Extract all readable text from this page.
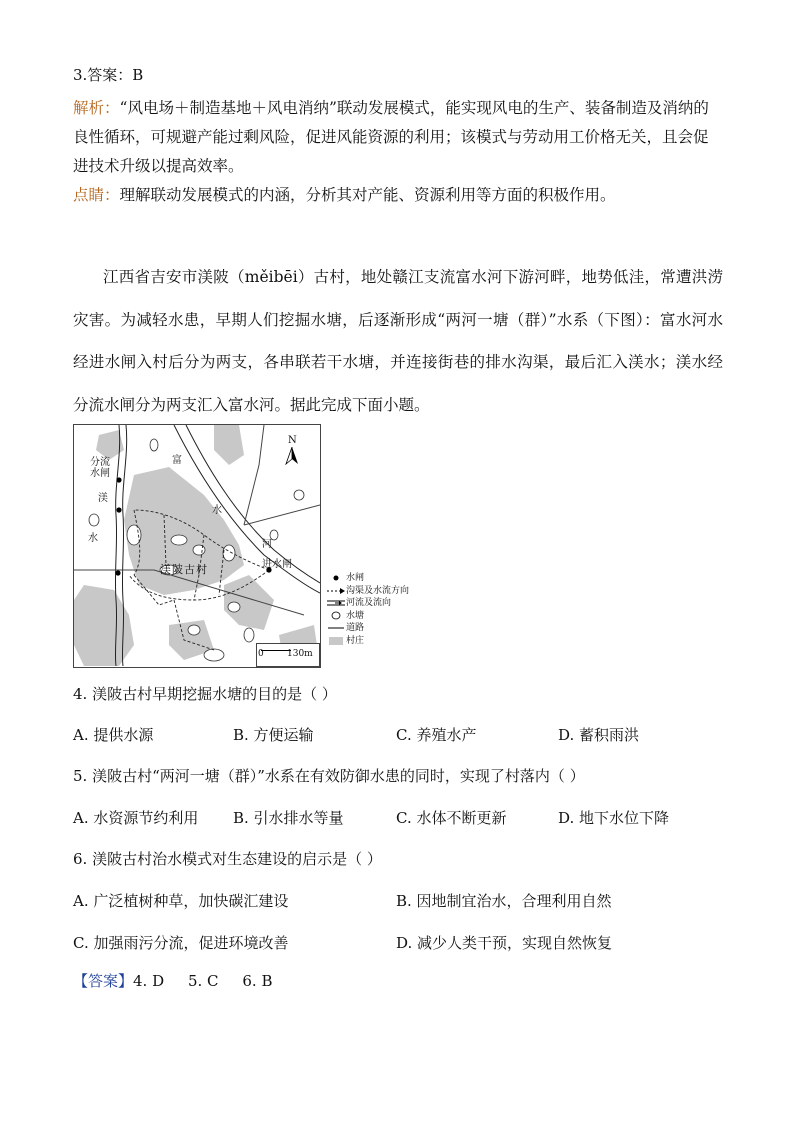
3.答案：B
解析：“风电场＋制造基地＋风电消纳”联动发展模式，能实现风电的生产、装备制造及消纳的良性循环，可规避产能过剩风险，促进风能资源的利用；该模式与劳动用工价格无关，且会促进技术升级以提高效率。
点睛：理解联动发展模式的内涵，分析其对产能、资源利用等方面的积极作用。
江西省吉安市渼陂（měibēi）古村，地处赣江支流富水河下游河畔，地势低洼，常遭洪涝灾害。为减轻水患，早期人们挖掘水塘，后逐渐形成“两河一塘（群）”水系（下图）：富水河水经进水闸入村后分为两支，各串联若干水塘，并连接街巷的排水沟渠，最后汇入渼水；渼水经分流水闸分为两支汇入富水河。据此完成下面小题。
分流
水闸
渼
水
富
水
河
进水闸
渼陂古村
N
0	130m
水闸
沟渠及水流方向
河流及流向
水塘
道路
村庄
4. 渼陂古村早期挖掘水塘的目的是（ ）
A. 提供水源	B. 方便运输	C. 养殖水产	D. 蓄积雨洪
5. 渼陂古村“两河一塘（群）”水系在有效防御水患的同时，实现了村落内（ ）
A. 水资源节约利用 B. 引水排水等量	C. 水体不断更新	D. 地下水位下降
6. 渼陂古村治水模式对生态建设的启示是（ ）
A. 广泛植树种草，加快碳汇建设	B. 因地制宜治水，合理利用自然
C. 加强雨污分流，促进环境改善	D. 减少人类干预，实现自然恢复
【答案】4. D     5. C     6. B
